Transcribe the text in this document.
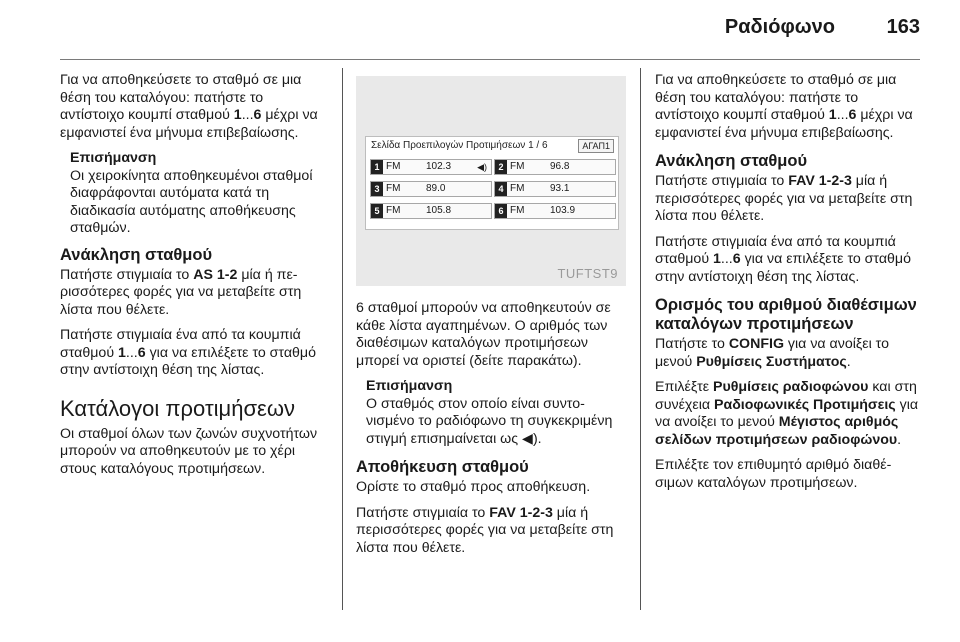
Ραδιόφωνο	163

Για να αποθηκεύσετε το σταθμό σε μια θέση του καταλόγου: πατήστε το αντίστοιχο κουμπί σταθμού 1...6 μέχρι να εμφανιστεί ένα μήνυμα επιβεβαίωσης.

Επισήμανση
Οι χειροκίνητα αποθηκευμένοι σταθμοί διαφράφονται αυτόματα κατά τη διαδικασία αυτόματης αποθήκευσης σταθμών.
Ανάκληση σταθμού

Πατήστε στιγμιαία το AS 1-2 μία ή περισσότερες φορές για να μεταβείτε στη λίστα που θέλετε.

Πατήστε στιγμιαία ένα από τα κουμπιά σταθμού 1...6 για να επιλέξετε το σταθμό στην αντίστοιχη θέση της λίστας.

Κατάλογοι προτιμήσεων

Οι σταθμοί όλων των ζωνών συχνοτήτων μπορούν να αποθηκευτούν με το χέρι στους καταλόγους προτιμήσεων.

Σελίδα Προεπιλογών Προτιμήσεων 1 / 6	ΑΓΑΠ1
1 FM	102.3	◀)	2 FM	96.8
3 FM	89.0	4 FM	93.1
5 FM	105.8	6 FM	103.9
TUFTST9

6 σταθμοί μπορούν να αποθηκευτούν σε κάθε λίστα αγαπημένων. Ο αριθμός των διαθέσιμων καταλόγων προτιμήσεων μπορεί να οριστεί (δείτε παρακάτω).

Επισήμανση
Ο σταθμός στον οποίο είναι συντονισμένο το ραδιόφωνο τη συγκεκριμένη στιγμή επισημαίνεται ως ◀).
Αποθήκευση σταθμού

Ορίστε το σταθμό προς αποθήκευση.

Πατήστε στιγμιαία το FAV 1-2-3 μία ή περισσότερες φορές για να μεταβείτε στη λίστα που θέλετε.

Για να αποθηκεύσετε το σταθμό σε μια θέση του καταλόγου: πατήστε το αντίστοιχο κουμπί σταθμού 1...6 μέχρι να εμφανιστεί ένα μήνυμα επιβεβαίωσης.

Ανάκληση σταθμού

Πατήστε στιγμιαία το FAV 1-2-3 μία ή περισσότερες φορές για να μεταβείτε στη λίστα που θέλετε.

Πατήστε στιγμιαία ένα από τα κουμπιά σταθμού 1...6 για να επιλέξετε το σταθμό στην αντίστοιχη θέση της λίστας.

Ορισμός του αριθμού διαθέσιμων καταλόγων προτιμήσεων

Πατήστε το CONFIG για να ανοίξει το μενού Ρυθμίσεις Συστήματος.

Επιλέξτε Ρυθμίσεις ραδιοφώνου και στη συνέχεια Ραδιοφωνικές Προτιμήσεις για να ανοίξει το μενού Μέγιστος αριθμός σελίδων προτιμήσεων ραδιοφώνου.

Επιλέξτε τον επιθυμητό αριθμό διαθέσιμων καταλόγων προτιμήσεων.
